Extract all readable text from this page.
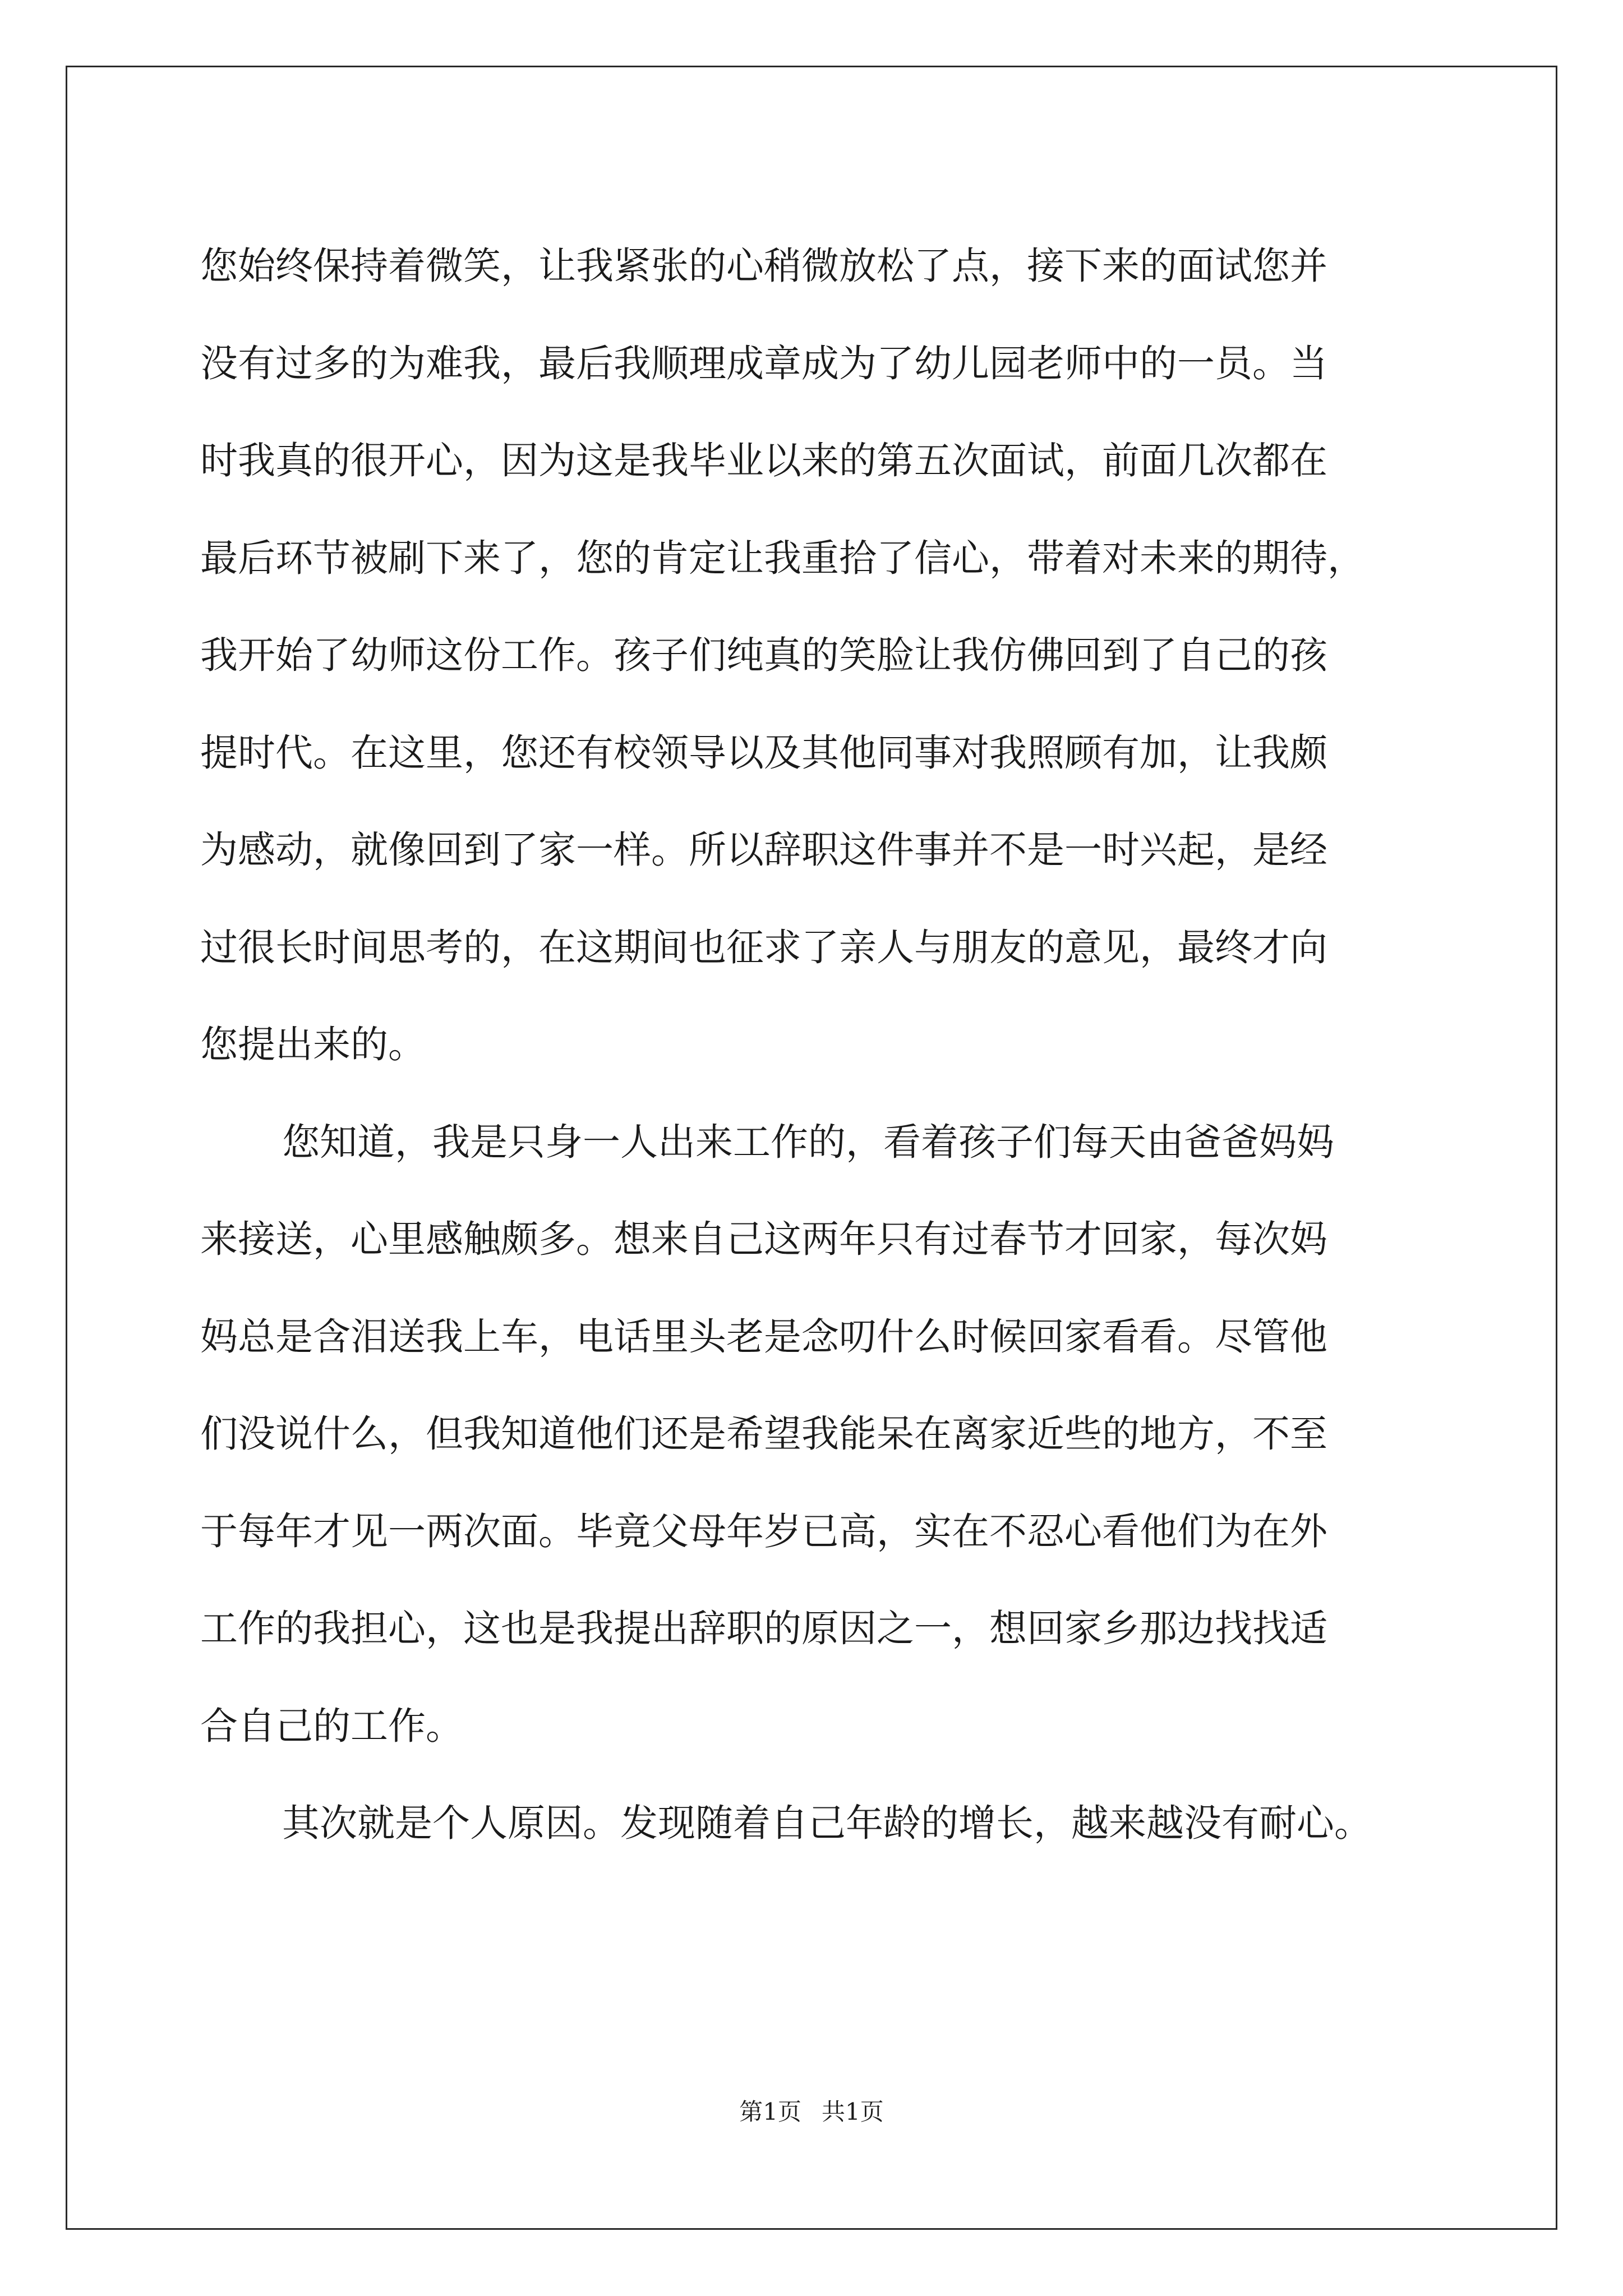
您始终保持着微笑，让我紧张的心稍微放松了点，接下来的面试您并
没有过多的为难我，最后我顺理成章成为了幼儿园老师中的一员。当
时我真的很开心，因为这是我毕业以来的第五次面试，前面几次都在
最后环节被刷下来了，您的肯定让我重拾了信心，带着对未来的期待，
我开始了幼师这份工作。孩子们纯真的笑脸让我仿佛回到了自己的孩
提时代。在这里，您还有校领导以及其他同事对我照顾有加，让我颇
为感动，就像回到了家一样。所以辞职这件事并不是一时兴起，是经
过很长时间思考的，在这期间也征求了亲人与朋友的意见，最终才向
您提出来的。
您知道，我是只身一人出来工作的，看着孩子们每天由爸爸妈妈
来接送，心里感触颇多。想来自己这两年只有过春节才回家，每次妈
妈总是含泪送我上车，电话里头老是念叨什么时候回家看看。尽管他
们没说什么，但我知道他们还是希望我能呆在离家近些的地方，不至
于每年才见一两次面。毕竟父母年岁已高，实在不忍心看他们为在外
工作的我担心，这也是我提出辞职的原因之一，想回家乡那边找找适
合自己的工作。
其次就是个人原因。发现随着自己年龄的增长，越来越没有耐心。
第1页 共1页
